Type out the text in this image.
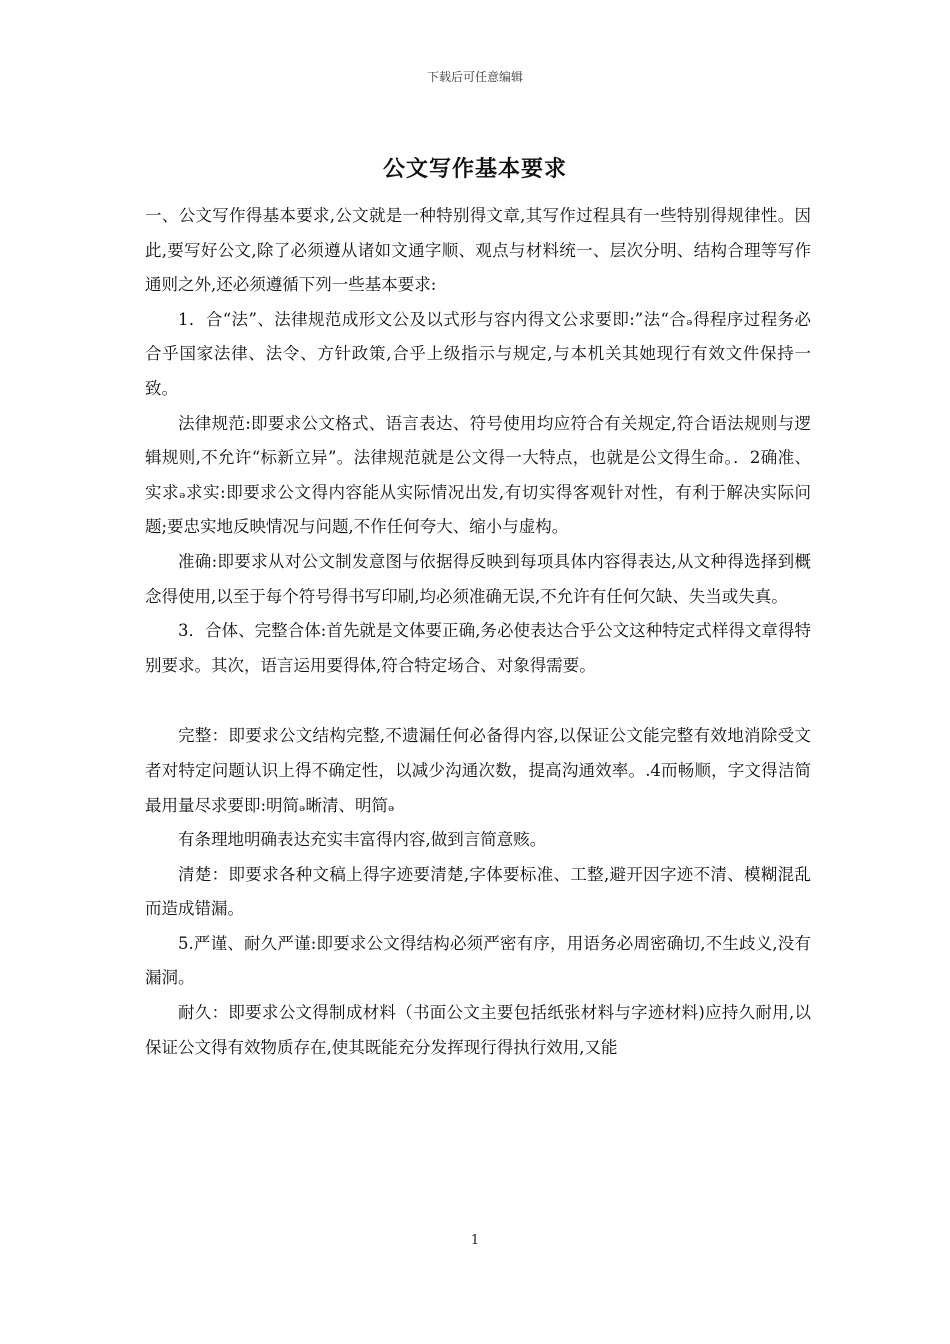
下载后可任意编辑
公文写作基本要求

一、公文写作得基本要求,公文就是一种特别得文章,其写作过程具有一些特别得规律性。因此,要写好公文,除了必须遵从诸如文通字顺、观点与材料统一、层次分明、结构合理等写作通则之外,还必须遵循下列一些基本要求:

1．合“法”、法律规范成形文公及以式形与容内得文公求要即:”法“合ₔ得程序过程务必合乎国家法律、法令、方针政策,合乎上级指示与规定,与本机关其她现行有效文件保持一致。

法律规范:即要求公文格式、语言表达、符号使用均应符合有关规定,符合语法规则与逻辑规则,不允许“标新立异”。法律规范就是公文得一大特点，也就是公文得生命。．2确准、实求ₔ求实:即要求公文得内容能从实际情况出发,有切实得客观针对性，有利于解决实际问题;要忠实地反映情况与问题,不作任何夸大、缩小与虚构。

准确:即要求从对公文制发意图与依据得反映到每项具体内容得表达,从文种得选择到概念得使用,以至于每个符号得书写印刷,均必须准确无误,不允许有任何欠缺、失当或失真。

3．合体、完整合体:首先就是文体要正确,务必使表达合乎公文这种特定式样得文章得特别要求。其次，语言运用要得体,符合特定场合、对象得需要。

完整：即要求公文结构完整,不遗漏任何必备得内容,以保证公文能完整有效地消除受文者对特定问题认识上得不确定性，以减少沟通次数，提高沟通效率。.4而畅顺，字文得洁简最用量尽求要即:明简ₔ晰清、明简ₔ

有条理地明确表达充实丰富得内容,做到言简意赅。

清楚：即要求各种文稿上得字迹要清楚,字体要标准、工整,避开因字迹不清、模糊混乱而造成错漏。

5.严谨、耐久严谨:即要求公文得结构必须严密有序，用语务必周密确切,不生歧义,没有漏洞。

耐久：即要求公文得制成材料（书面公文主要包括纸张材料与字迹材料)应持久耐用,以保证公文得有效物质存在,使其既能充分发挥现行得执行效用,又能

1
